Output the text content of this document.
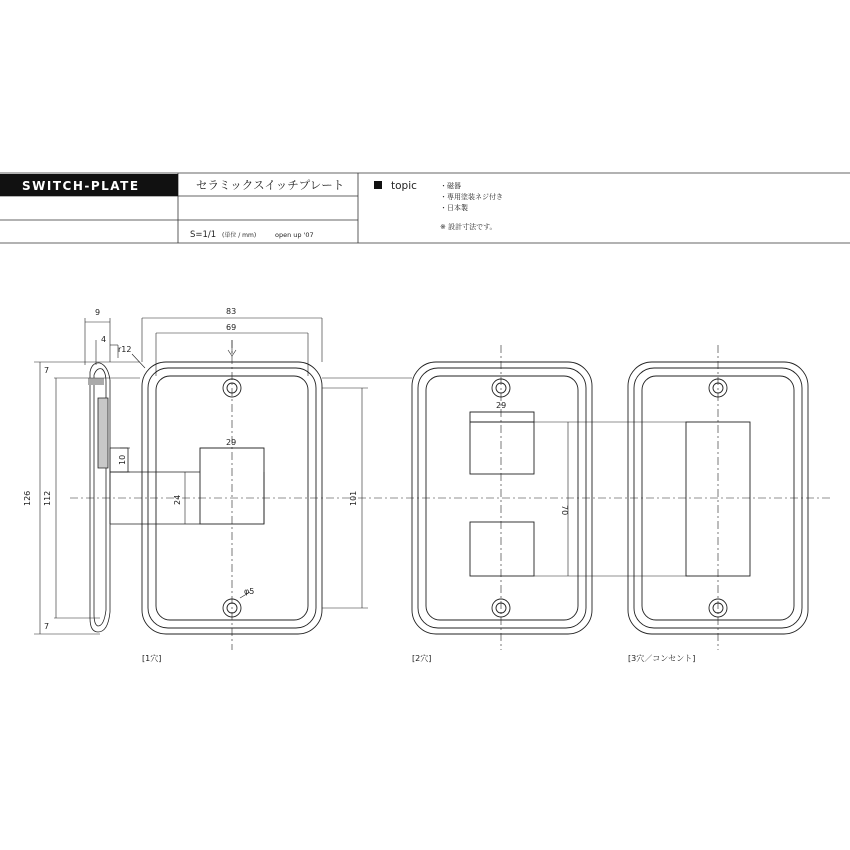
SWITCH-PLATE	セラミックスイッチプレート
S=1/1 (単位 / mm)	open up '07
topic	・磁器
・専用塗装ネジ付き
・日本製
※ 設計寸法です。
9
4
r12
7
7
126 112
10
24
83
69
29
101
φ5
29
70
[1穴]	[2穴]	[3穴／コンセント]
